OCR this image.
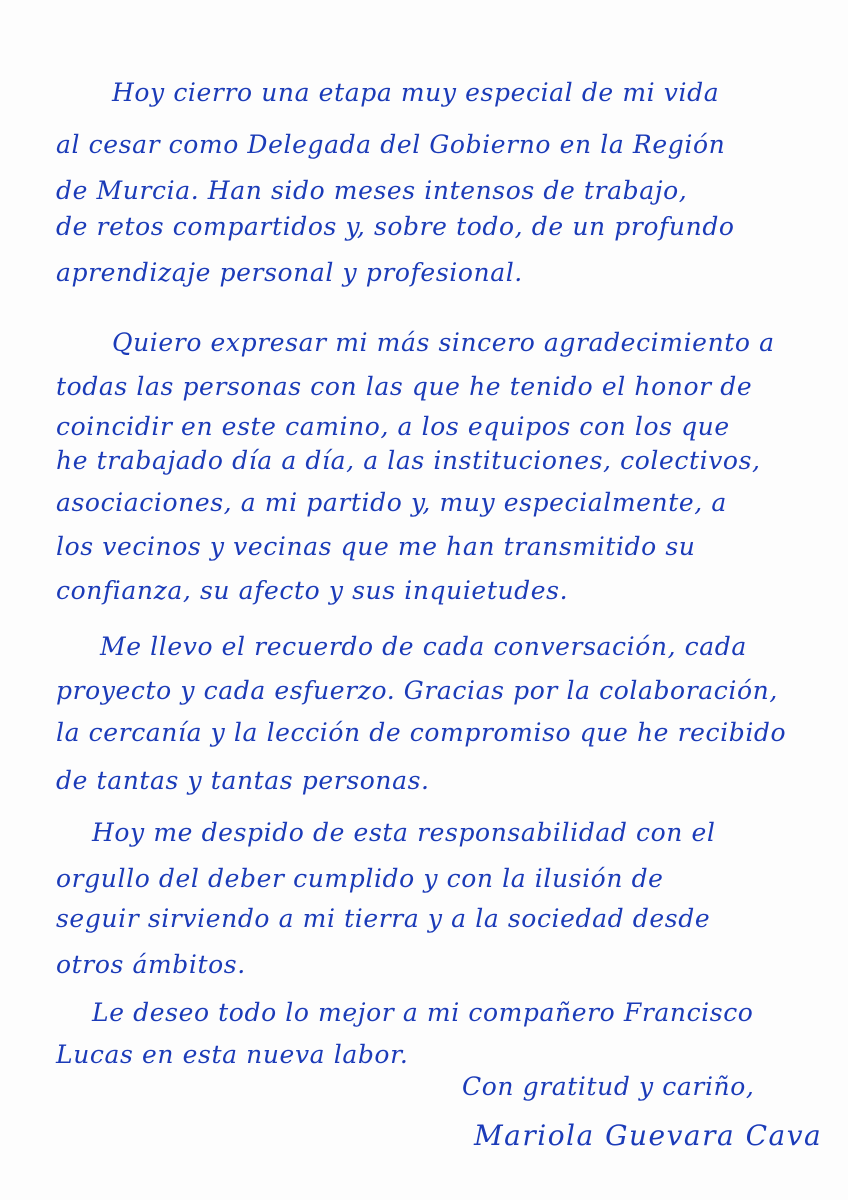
Hoy cierro una etapa muy especial de mi vida
al cesar como Delegada del Gobierno en la Región
de Murcia. Han sido meses intensos de trabajo,
de retos compartidos y, sobre todo, de un profundo
aprendizaje personal y profesional.
Quiero expresar mi más sincero agradecimiento a
todas las personas con las que he tenido el honor de
coincidir en este camino, a los equipos con los que
he trabajado día a día, a las instituciones, colectivos,
asociaciones, a mi partido y, muy especialmente, a
los vecinos y vecinas que me han transmitido su
confianza, su afecto y sus inquietudes.
Me llevo el recuerdo de cada conversación, cada
proyecto y cada esfuerzo. Gracias por la colaboración,
la cercanía y la lección de compromiso que he recibido
de tantas y tantas personas.
Hoy me despido de esta responsabilidad con el
orgullo del deber cumplido y con la ilusión de
seguir sirviendo a mi tierra y a la sociedad desde
otros ámbitos.
Le deseo todo lo mejor a mi compañero Francisco
Lucas en esta nueva labor.
Con gratitud y cariño,
Mariola Guevara Cava
